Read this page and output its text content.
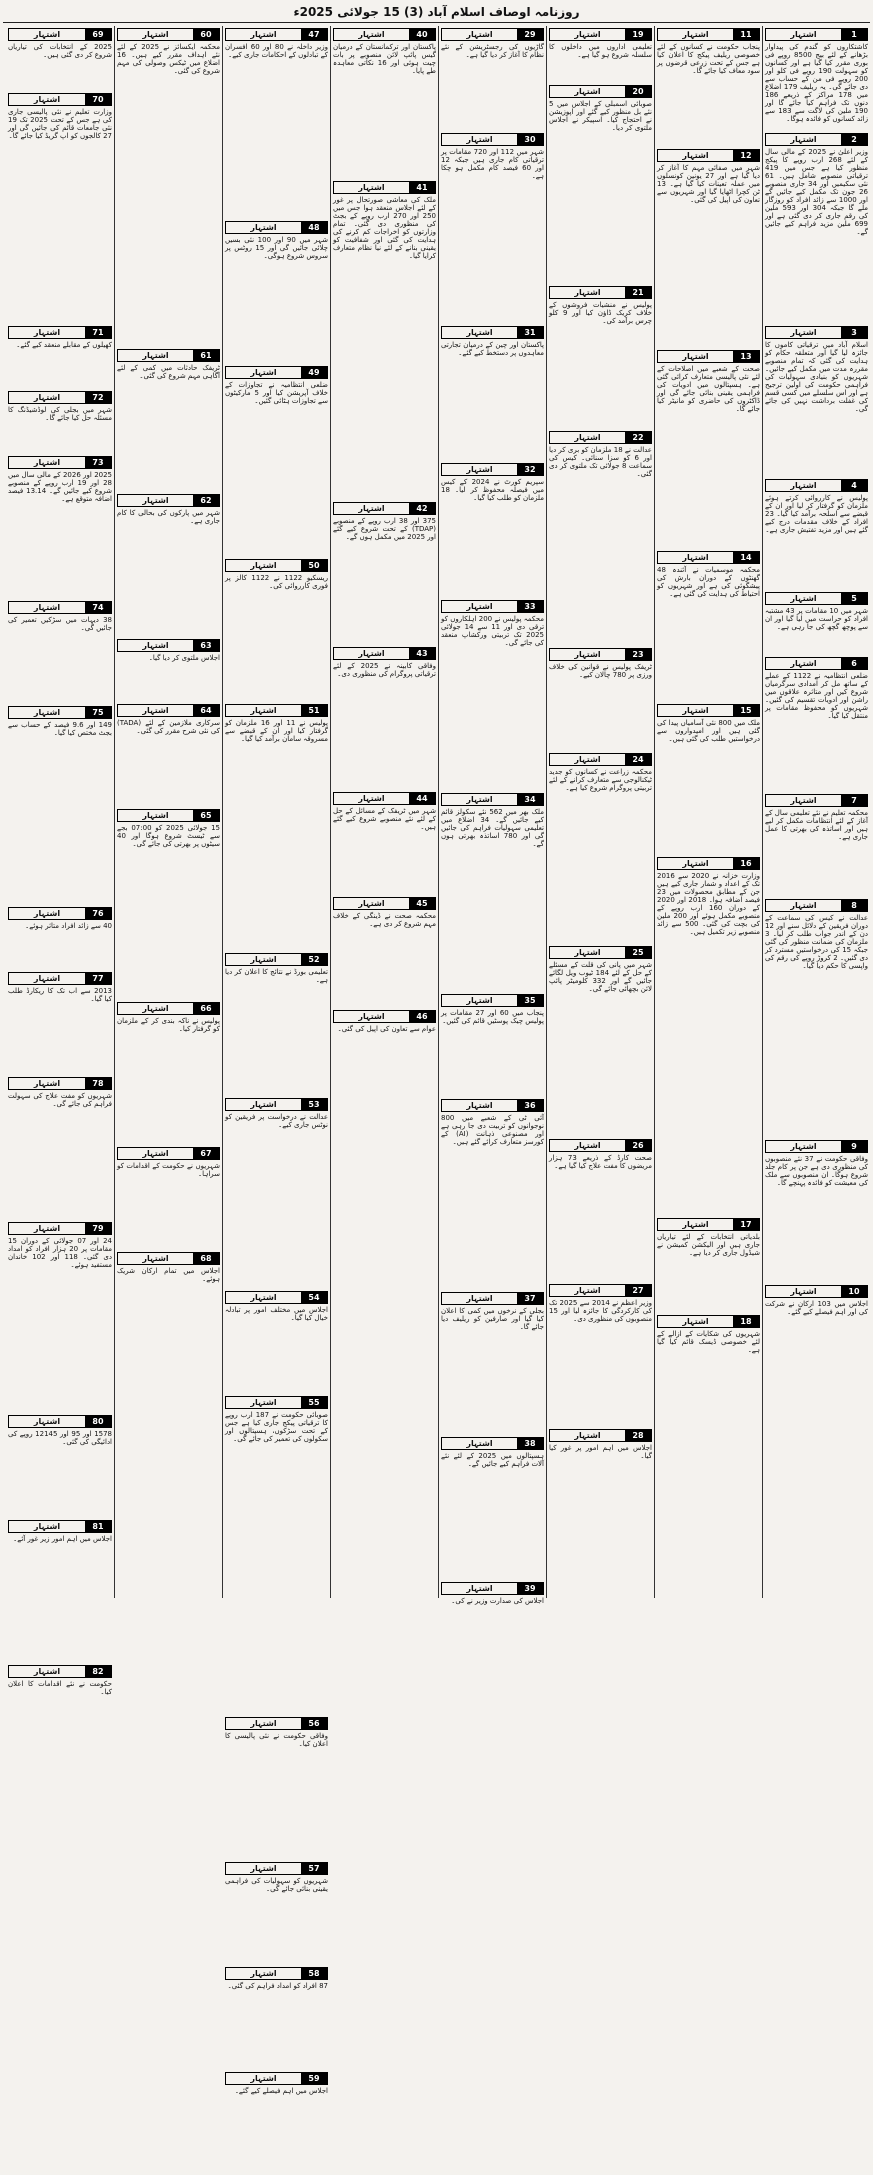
روزنامہ اوصاف اسلام آباد (3) 15 جولائی 2025ء
1
اشتہار
کاشتکاروں کو گندم کی پیداوار بڑھانے کے لئے بیج 8500 روپے فی بوری مقرر کیا گیا ہے اور کسانوں کو سہولت 190 روپے فی کلو اور 200 روپے فی من کے حساب سے دی جائے گی۔ یہ ریلیف 179 اضلاع میں 178 مراکز کے ذریعے 186 دنوں تک فراہم کیا جائے گا اور 190 ملین کی لاگت سے 183 سے زائد کسانوں کو فائدہ ہوگا۔
2
اشتہار
وزیر اعلیٰ نے 2025 کے مالی سال کے لئے 268 ارب روپے کا پیکج منظور کیا ہے جس میں 419 ترقیاتی منصوبے شامل ہیں۔ 61 نئی سکیمیں اور 34 جاری منصوبے 26 جون تک مکمل کیے جائیں گے اور 1000 سے زائد افراد کو روزگار ملے گا جبکہ 304 اور 593 ملین کی رقم جاری کر دی گئی ہے اور 699 ملین مزید فراہم کیے جائیں گے۔
3
اشتہار
اسلام آباد میں ترقیاتی کاموں کا جائزہ لیا گیا اور متعلقہ حکام کو ہدایت کی گئی کہ تمام منصوبے مقررہ مدت میں مکمل کیے جائیں۔ شہریوں کو بنیادی سہولیات کی فراہمی حکومت کی اولین ترجیح ہے اور اس سلسلے میں کسی قسم کی غفلت برداشت نہیں کی جائے گی۔
4
اشتہار
پولیس نے کارروائی کرتے ہوئے ملزمان کو گرفتار کر لیا اور ان کے قبضے سے اسلحہ برآمد کیا گیا۔ 23 افراد کے خلاف مقدمات درج کیے گئے ہیں اور مزید تفتیش جاری ہے۔
5
اشتہار
شہر میں 10 مقامات پر 43 مشتبہ افراد کو حراست میں لیا گیا اور ان سے پوچھ گچھ کی جا رہی ہے۔
6
اشتہار
ضلعی انتظامیہ نے 1122 کے عملے کے ساتھ مل کر امدادی سرگرمیاں شروع کیں اور متاثرہ علاقوں میں راشن اور ادویات تقسیم کی گئیں۔ شہریوں کو محفوظ مقامات پر منتقل کیا گیا۔
7
اشتہار
محکمہ تعلیم نے نئے تعلیمی سال کے آغاز کے لئے انتظامات مکمل کر لیے ہیں اور اساتذہ کی بھرتی کا عمل جاری ہے۔
8
اشتہار
عدالت نے کیس کی سماعت کے دوران فریقین کے دلائل سنے اور 12 دن کے اندر جواب طلب کر لیا۔ 3 ملزمان کی ضمانت منظور کی گئی جبکہ 15 کی درخواستیں مسترد کر دی گئیں۔ 2 کروڑ روپے کی رقم کی واپسی کا حکم دیا گیا۔
9
اشتہار
وفاقی حکومت نے 37 نئے منصوبوں کی منظوری دی ہے جن پر کام جلد شروع ہوگا۔ ان منصوبوں سے ملک کی معیشت کو فائدہ پہنچے گا۔
10
اشتہار
اجلاس میں 103 ارکان نے شرکت کی اور اہم فیصلے کیے گئے۔
11
اشتہار
پنجاب حکومت نے کسانوں کے لئے خصوصی ریلیف پیکج کا اعلان کیا ہے جس کے تحت زرعی قرضوں پر سود معاف کیا جائے گا۔
12
اشتہار
شہر میں صفائی مہم کا آغاز کر دیا گیا ہے اور 27 یونین کونسلوں میں عملہ تعینات کیا گیا ہے۔ 13 ٹن کچرا اٹھایا گیا اور شہریوں سے تعاون کی اپیل کی گئی۔
13
اشتہار
صحت کے شعبے میں اصلاحات کے لئے نئی پالیسی متعارف کرائی گئی ہے۔ ہسپتالوں میں ادویات کی فراہمی یقینی بنائی جائے گی اور ڈاکٹروں کی حاضری کو مانیٹر کیا جائے گا۔
14
اشتہار
محکمہ موسمیات نے آئندہ 48 گھنٹوں کے دوران بارش کی پیشگوئی کی ہے اور شہریوں کو احتیاط کی ہدایت کی گئی ہے۔
15
اشتہار
ملک میں 800 نئی آسامیاں پیدا کی گئی ہیں اور امیدواروں سے درخواستیں طلب کی گئی ہیں۔
16
اشتہار
وزارت خزانہ نے 2020 سے 2016 تک کے اعداد و شمار جاری کیے ہیں جن کے مطابق محصولات میں 23 فیصد اضافہ ہوا۔ 2018 اور 2020 کے دوران 160 ارب روپے کے منصوبے مکمل ہوئے اور 200 ملین کی بچت کی گئی۔ 500 سے زائد منصوبے زیر تکمیل ہیں۔
17
اشتہار
بلدیاتی انتخابات کے لئے تیاریاں جاری ہیں اور الیکشن کمیشن نے شیڈول جاری کر دیا ہے۔
18
اشتہار
شہریوں کی شکایات کے ازالے کے لئے خصوصی ڈیسک قائم کیا گیا ہے۔
19
اشتہار
تعلیمی اداروں میں داخلوں کا سلسلہ شروع ہو گیا ہے۔
20
اشتہار
صوبائی اسمبلی کے اجلاس میں 5 نئے بل منظور کیے گئے اور اپوزیشن نے احتجاج کیا۔ اسپیکر نے اجلاس ملتوی کر دیا۔
21
اشتہار
پولیس نے منشیات فروشوں کے خلاف کریک ڈاؤن کیا اور 9 کلو چرس برآمد کی۔
22
اشتہار
عدالت نے 18 ملزمان کو بری کر دیا اور 6 کو سزا سنائی۔ کیس کی سماعت 8 جولائی تک ملتوی کر دی گئی۔
23
اشتہار
ٹریفک پولیس نے قوانین کی خلاف ورزی پر 780 چالان کیے۔
24
اشتہار
محکمہ زراعت نے کسانوں کو جدید ٹیکنالوجی سے متعارف کرانے کے لئے تربیتی پروگرام شروع کیا ہے۔
25
اشتہار
شہر میں پانی کی قلت کے مسئلے کے حل کے لئے 184 ٹیوب ویل لگائے جائیں گے اور 332 کلومیٹر پائپ لائن بچھائی جائے گی۔
26
اشتہار
صحت کارڈ کے ذریعے 73 ہزار مریضوں کا مفت علاج کیا گیا ہے۔
27
اشتہار
وزیر اعظم نے 2014 سے 2025 تک کی کارکردگی کا جائزہ لیا اور 15 منصوبوں کی منظوری دی۔
28
اشتہار
اجلاس میں اہم امور پر غور کیا گیا۔
29
اشتہار
گاڑیوں کی رجسٹریشن کے نئے نظام کا آغاز کر دیا گیا ہے۔
30
اشتہار
شہر میں 112 اور 720 مقامات پر ترقیاتی کام جاری ہیں جبکہ 12 اور 60 فیصد کام مکمل ہو چکا ہے۔
31
اشتہار
پاکستان اور چین کے درمیان تجارتی معاہدوں پر دستخط کیے گئے۔
32
اشتہار
سپریم کورٹ نے 2024 کے کیس میں فیصلہ محفوظ کر لیا۔ 18 ملزمان کو طلب کیا گیا۔
33
اشتہار
محکمہ پولیس نے 200 اہلکاروں کو ترقی دی اور 11 سے 14 جولائی 2025 تک تربیتی ورکشاپ منعقد کی جائے گی۔
34
اشتہار
ملک بھر میں 562 نئے سکولز قائم کیے جائیں گے۔ 34 اضلاع میں تعلیمی سہولیات فراہم کی جائیں گی اور 780 اساتذہ بھرتی ہوں گے۔
35
اشتہار
پنجاب میں 60 اور 27 مقامات پر پولیس چیک پوسٹیں قائم کی گئیں۔
36
اشتہار
آئی ٹی کے شعبے میں 800 نوجوانوں کو تربیت دی جا رہی ہے اور مصنوعی ذہانت (AI) کے کورسز متعارف کرائے گئے ہیں۔
37
اشتہار
بجلی کے نرخوں میں کمی کا اعلان کیا گیا اور صارفین کو ریلیف دیا جائے گا۔
38
اشتہار
ہسپتالوں میں 2025 کے لئے نئے آلات فراہم کیے جائیں گے۔
39
اشتہار
اجلاس کی صدارت وزیر نے کی۔
40
اشتہار
پاکستان اور ترکمانستان کے درمیان گیس پائپ لائن منصوبے پر بات چیت ہوئی اور 16 نکاتی معاہدہ طے پایا۔
41
اشتہار
ملک کی معاشی صورتحال پر غور کے لئے اجلاس منعقد ہوا جس میں 250 اور 270 ارب روپے کے بجٹ کی منظوری دی گئی۔ تمام وزارتوں کو اخراجات کم کرنے کی ہدایت کی گئی اور شفافیت کو یقینی بنانے کے لئے نیا نظام متعارف کرایا گیا۔
42
اشتہار
375 اور 38 ارب روپے کے منصوبے (TDAP) کے تحت شروع کیے گئے اور 2025 میں مکمل ہوں گے۔
43
اشتہار
وفاقی کابینہ نے 2025 کے لئے ترقیاتی پروگرام کی منظوری دی۔
44
اشتہار
شہر میں ٹریفک کے مسائل کے حل کے لئے نئے منصوبے شروع کیے گئے ہیں۔
45
اشتہار
محکمہ صحت نے ڈینگی کے خلاف مہم شروع کر دی ہے۔
46
اشتہار
عوام سے تعاون کی اپیل کی گئی۔
47
اشتہار
وزیر داخلہ نے 80 اور 60 افسران کے تبادلوں کے احکامات جاری کیے۔
48
اشتہار
شہر میں 90 اور 100 نئی بسیں چلائی جائیں گی اور 15 روٹس پر سروس شروع ہوگی۔
49
اشتہار
ضلعی انتظامیہ نے تجاوزات کے خلاف آپریشن کیا اور 5 مارکیٹوں سے تجاوزات ہٹائی گئیں۔
50
اشتہار
ریسکیو 1122 نے 1122 کالز پر فوری کارروائی کی۔
51
اشتہار
پولیس نے 11 اور 16 ملزمان کو گرفتار کیا اور ان کے قبضے سے مسروقہ سامان برآمد کیا گیا۔
52
اشتہار
تعلیمی بورڈ نے نتائج کا اعلان کر دیا ہے۔
53
اشتہار
عدالت نے درخواست پر فریقین کو نوٹس جاری کیے۔
54
اشتہار
اجلاس میں مختلف امور پر تبادلہ خیال کیا گیا۔
55
اشتہار
صوبائی حکومت نے 187 ارب روپے کا ترقیاتی پیکج جاری کیا ہے جس کے تحت سڑکوں، ہسپتالوں اور سکولوں کی تعمیر کی جائے گی۔
56
اشتہار
وفاقی حکومت نے نئی پالیسی کا اعلان کیا۔
57
اشتہار
شہریوں کو سہولیات کی فراہمی یقینی بنائی جائے گی۔
58
اشتہار
87 افراد کو امداد فراہم کی گئی۔
59
اشتہار
اجلاس میں اہم فیصلے کیے گئے۔
60
اشتہار
محکمہ ایکسائز نے 2025 کے لئے نئے اہداف مقرر کیے ہیں۔ 16 اضلاع میں ٹیکس وصولی کی مہم شروع کی گئی۔
61
اشتہار
ٹریفک حادثات میں کمی کے لئے آگاہی مہم شروع کی گئی۔
62
اشتہار
شہر میں پارکوں کی بحالی کا کام جاری ہے۔
63
اشتہار
اجلاس ملتوی کر دیا گیا۔
64
اشتہار
سرکاری ملازمین کے لئے (TADA) کی نئی شرح مقرر کی گئی۔
65
اشتہار
15 جولائی 2025 کو 07:00 بجے سے ٹیسٹ شروع ہوگا اور 40 سیٹوں پر بھرتی کی جائے گی۔
66
اشتہار
پولیس نے ناکہ بندی کر کے ملزمان کو گرفتار کیا۔
67
اشتہار
شہریوں نے حکومت کے اقدامات کو سراہا۔
68
اشتہار
اجلاس میں تمام ارکان شریک ہوئے۔
69
اشتہار
2025 کے انتخابات کی تیاریاں شروع کر دی گئی ہیں۔
70
اشتہار
وزارت تعلیم نے نئی پالیسی جاری کی ہے جس کے تحت 2025 تک 19 نئی جامعات قائم کی جائیں گی اور 27 کالجوں کو اپ گریڈ کیا جائے گا۔
71
اشتہار
کھیلوں کے مقابلے منعقد کیے گئے۔
72
اشتہار
شہر میں بجلی کی لوڈشیڈنگ کا مسئلہ حل کیا جائے گا۔
73
اشتہار
2025 اور 2026 کے مالی سال میں 28 اور 19 ارب روپے کے منصوبے شروع کیے جائیں گے۔ 13.14 فیصد اضافہ متوقع ہے۔
74
اشتہار
38 دیہات میں سڑکیں تعمیر کی جائیں گی۔
75
اشتہار
149 اور 9.6 فیصد کے حساب سے بجٹ مختص کیا گیا۔
76
اشتہار
40 سے زائد افراد متاثر ہوئے۔
77
اشتہار
2013 سے اب تک کا ریکارڈ طلب کیا گیا۔
78
اشتہار
شہریوں کو مفت علاج کی سہولت فراہم کی جائے گی۔
79
اشتہار
24 اور 07 جولائی کے دوران 15 مقامات پر 20 ہزار افراد کو امداد دی گئی۔ 118 اور 102 خاندان مستفید ہوئے۔
80
اشتہار
1578 اور 95 اور 12145 روپے کی ادائیگی کی گئی۔
81
اشتہار
اجلاس میں اہم امور زیر غور آئے۔
82
اشتہار
حکومت نے نئے اقدامات کا اعلان کیا۔
